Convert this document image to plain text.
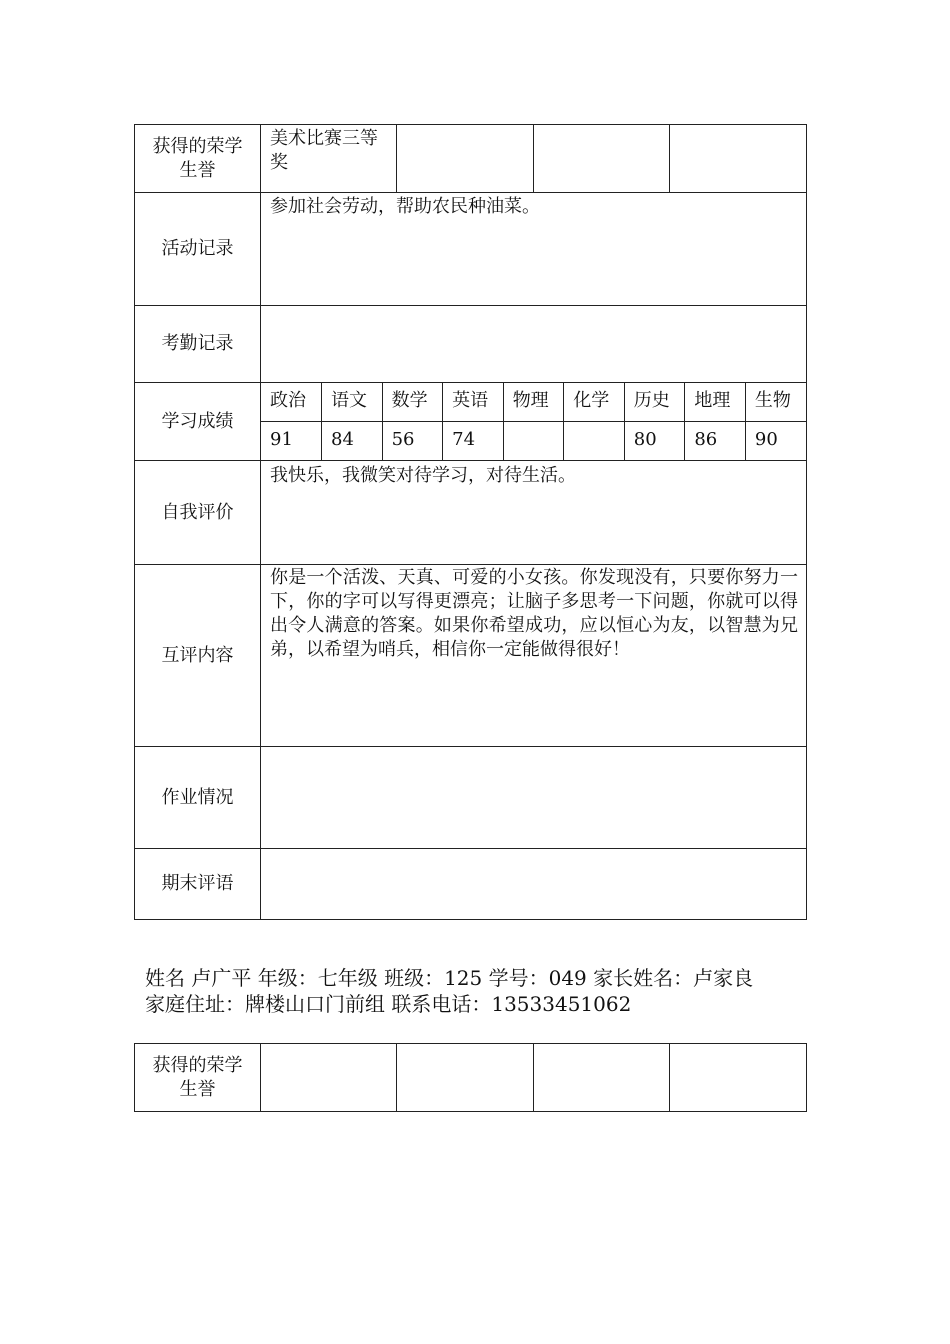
获得的荣学生誉	美术比赛三等奖			
活动记录	参加社会劳动，帮助农民种油菜。
考勤记录	
学习成绩	
政治	语文	数学	英语	物理	化学	历史	地理	生物
91	84	56	74			80	86	90

自我评价	我快乐，我微笑对待学习，对待生活。
互评内容	你是一个活泼、天真、可爱的小女孩。你发现没有，只要你努力一下，你的字可以写得更漂亮；让脑子多思考一下问题，你就可以得出令人满意的答案。如果你希望成功，应以恒心为友，以智慧为兄弟，以希望为哨兵，相信你一定能做得很好！
作业情况	
期末评语	
姓名 卢广平 年级：七年级 班级：125 学号：049 家长姓名：卢家良
家庭住址：牌楼山口门前组 联系电话：13533451062
获得的荣学生誉				
